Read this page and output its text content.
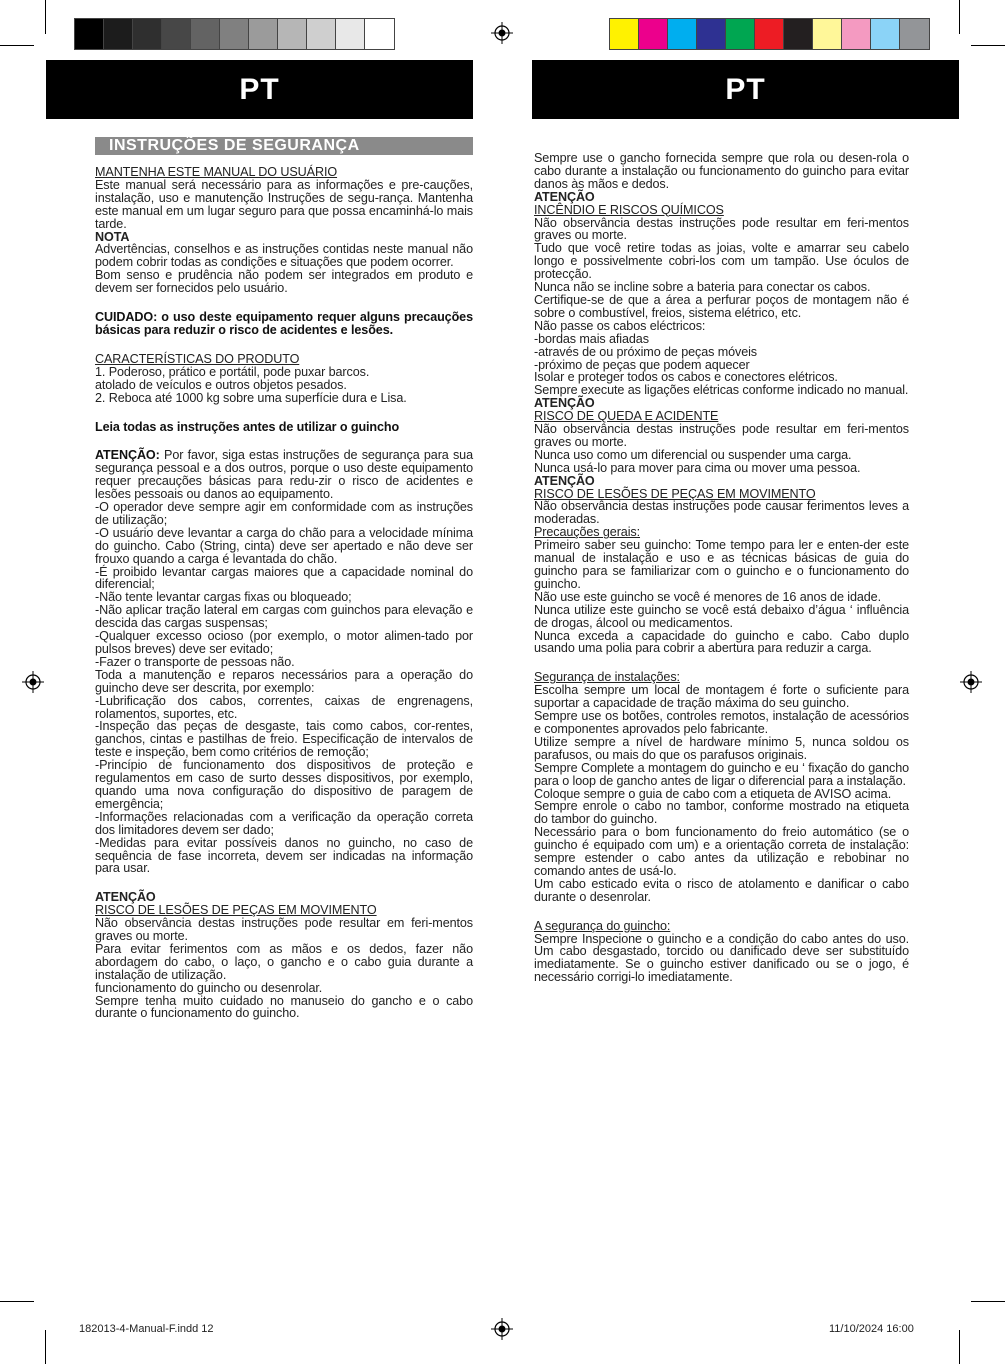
PT	PT
INSTRUÇÕES DE SEGURANÇA

MANTENHA ESTE MANUAL DO USUÁRIO

Este manual será necessário para as informações e pre-cauções, instalação, uso e manutenção Instruções de segu-rança. Mantenha este manual em um lugar seguro para que possa encaminhá-lo mais tarde.

NOTA

Advertências, conselhos e as instruções contidas neste manual não podem cobrir todas as condições e situações que podem ocorrer.

Bom senso e prudência não podem ser integrados em produto e devem ser fornecidos pelo usuário.

CUIDADO: o uso deste equipamento requer alguns precauções básicas para reduzir o risco de acidentes e lesões.

CARACTERÍSTICAS DO PRODUTO

1. Poderoso, prático e portátil, pode puxar barcos.

atolado de veículos e outros objetos pesados.

2. Reboca até 1000 kg sobre uma superfície dura e Lisa.

Leia todas as instruções antes de utilizar o guincho

ATENÇÃO: Por favor, siga estas instruções de segurança para sua segurança pessoal e a dos outros, porque o uso deste equipamento requer precauções básicas para redu-zir o risco de acidentes e lesões pessoais ou danos ao equipamento.

-O operador deve sempre agir em conformidade com as instruções de utilização;

-O usuário deve levantar a carga do chão para a velocidade mínima do guincho. Cabo (String, cinta) deve ser apertado e não deve ser frouxo quando a carga é levantada do chão.

-É proibido levantar cargas maiores que a capacidade nominal do diferencial;

-Não tente levantar cargas fixas ou bloqueado;

-Não aplicar tração lateral em cargas com guinchos para elevação e descida das cargas suspensas;

-Qualquer excesso ocioso (por exemplo, o motor alimen-tado por pulsos breves) deve ser evitado;

-Fazer o transporte de pessoas não.

Toda a manutenção e reparos necessários para a operação do guincho deve ser descrita, por exemplo:

-Lubrificação dos cabos, correntes, caixas de engrenagens, rolamentos, suportes, etc.

-Inspeção das peças de desgaste, tais como cabos, cor-rentes, ganchos, cintas e pastilhas de freio. Especificação de intervalos de teste e inspeção, bem como critérios de remoção;

-Princípio de funcionamento dos dispositivos de proteção e regulamentos em caso de surto desses dispositivos, por exemplo, quando uma nova configuração do dispositivo de paragem de emergência;

-Informações relacionadas com a verificação da operação correta dos limitadores devem ser dado;

-Medidas para evitar possíveis danos no guincho, no caso de sequência de fase incorreta, devem ser indicadas na informação para usar.

ATENÇÃO

RISCO DE LESÕES DE PEÇAS EM MOVIMENTO

Não observância destas instruções pode resultar em feri-mentos graves ou morte.

Para evitar ferimentos com as mãos e os dedos, fazer não abordagem do cabo, o laço, o gancho e o cabo guia durante a instalação de utilização.

funcionamento do guincho ou desenrolar.

Sempre tenha muito cuidado no manuseio do gancho e o cabo durante o funcionamento do guincho.

Sempre use o gancho fornecida sempre que rola ou desen-rola o cabo durante a instalação ou funcionamento do guincho para evitar danos às mãos e dedos.

ATENÇÃO

INCÊNDIO E RISCOS QUÍMICOS

Não observância destas instruções pode resultar em feri-mentos graves ou morte.

Tudo que você retire todas as joias, volte e amarrar seu cabelo longo e possivelmente cobri-los com um tampão. Use óculos de protecção.

Nunca não se incline sobre a bateria para conectar os cabos.

Certifique-se de que a área a perfurar poços de montagem não é sobre o combustível, freios, sistema elétrico, etc.

Não passe os cabos eléctricos:

-bordas mais afiadas

-através de ou próximo de peças móveis

-próximo de peças que podem aquecer

Isolar e proteger todos os cabos e conectores elétricos.

Sempre execute as ligações elétricas conforme indicado no manual.

ATENÇÃO

RISCO DE QUEDA E ACIDENTE

Não observância destas instruções pode resultar em feri-mentos graves ou morte.

Nunca uso como um diferencial ou suspender uma carga.

Nunca usá-lo para mover para cima ou mover uma pessoa.

ATENÇÃO

RISCO DE LESÕES DE PEÇAS EM MOVIMENTO

Não observância destas instruções pode causar ferimentos leves a moderadas.

Precauções gerais:

Primeiro saber seu guincho: Tome tempo para ler e enten-der este manual de instalação e uso e as técnicas básicas de guia do guincho para se familiarizar com o guincho e o funcionamento do guincho.

Não use este guincho se você é menores de 16 anos de idade.

Nunca utilize este guincho se você está debaixo d’água ‘ influência de drogas, álcool ou medicamentos.

Nunca exceda a capacidade do guincho e cabo. Cabo duplo usando uma polia para cobrir a abertura para reduzir a carga.

Segurança de instalações:

Escolha sempre um local de montagem é forte o suficiente para suportar a capacidade de tração máxima do seu guincho.

Sempre use os botões, controles remotos, instalação de acessórios e componentes aprovados pelo fabricante.

Utilize sempre a nível de hardware mínimo 5, nunca soldou os parafusos, ou mais do que os parafusos originais.

Sempre Complete a montagem do guincho e eu ‘ fixação do gancho para o loop de gancho antes de ligar o diferencial para a instalação.

Coloque sempre o guia de cabo com a etiqueta de AVISO acima.

Sempre enrole o cabo no tambor, conforme mostrado na etiqueta do tambor do guincho.

Necessário para o bom funcionamento do freio automático (se o guincho é equipado com um) e a orientação correta de instalação: sempre estender o cabo antes da utilização e rebobinar no comando antes de usá-lo.

Um cabo esticado evita o risco de atolamento e danificar o cabo durante o desenrolar.

A segurança do guincho:

Sempre Inspecione o guincho e a condição do cabo antes do uso. Um cabo desgastado, torcido ou danificado deve ser substituído imediatamente. Se o guincho estiver danificado ou se o jogo, é necessário corrigi-lo imediatamente.

182013-4-Manual-F.indd 12	11/10/2024 16:00
